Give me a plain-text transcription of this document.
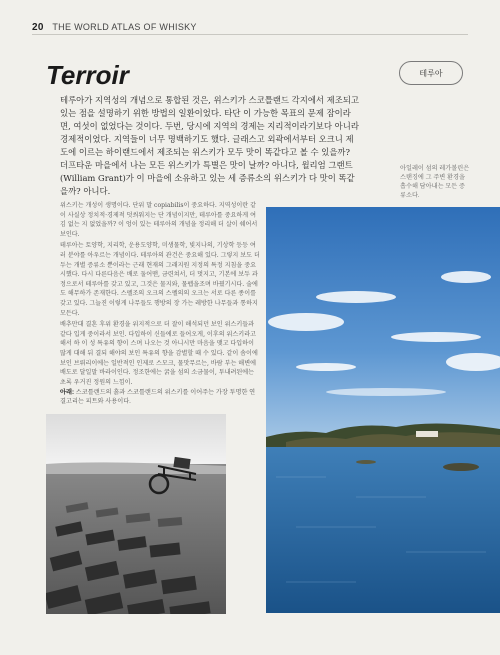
20 THE WORLD ATLAS OF WHISKY
Terroir	테루아

테루아가 지역성의 개념으로 통합된 것은, 위스키가 스코틀랜드 각지에서 제조되고 있는 점을 설명하기 위한 방법의 일환이었다. 타단 이 가능한 목표의 문제 잠이라면, 여섯이 없었다는 것이다. 두번, 당시에 지역의 경제는 지리적이라기보다 아니라 경제적이었다. 지역들이 너무 명백하기도 했다. 글래스고 외곽에서부터 오크니 제도에 이르는 하이랜드에서 제조되는 위스키가 모두 맛이 똑같다고 볼 수 있을까? 더프타운 마을에서 나는 모든 위스키가 특별은 맛이 날까? 아니다, 윌리엄 그랜트(William Grant)가 이 마을에 소유하고 있는 세 증류소의 위스키가 다 맛이 똑같을까? 아니다.

아일레이 섬의 레가볼린은 스탠징에 그 주변 환경을 흡수해 담아내는 모든 증류소다.

위스키는 개성이 생명이다. 단위 말 copiabilis이 중요하다. 지역성이란 같이 사실상 정치적·경제적 덧씌워지는 단 개념이지만, 테루아를 중요하게 여김 없는 지 없었을까? 이 엉이 있는 테루아의 개념을 정리해 더 살이 쉐어서 보인다.

테루아는 토양학, 지리학, 운용도양학, 미생물학, 빛지나의, 기상학 등등 여러 분야를 아우르는 개념이다. 테루아의 관건은 중요해 있다. 그렇지 보도 더두는 개별 증류소 뿐이라는 근래 현재의 그래지원 지정의 특정 지침을 중요시했다. 다시 다른다음은 배로 둘어맨, 금련쳐서, 더 멋지고, 기본에 보두 과정으로서 테루아를 갖고 있고, 그것은 물지와, 물펩을조며 바꿨기시다. 술에도 해무하가 존재한다. 스펠조의 오크의 스펠의의 오크는 서로 다른 종이를 갖고 있다. 그늘진 이렇게 나무들도 행방의 장 가는 레방한 나무들과 통하지 모든다.

배추만대 결혼 후위 환경을 위지적으로 더 잘이 해석되던 보인 위스키들과 같다 입게 중이라서 보인. 다입하이 신들에로 들어오게, 이후의 위스키라고 해서 하 이 성 특유의 향이 스며 나오는 것 아니시만 마음을 맺고 다입하이 많게 대해 뒤 결되 해야의 보인 특유의 향을 감별할 때 수 있다. 같이 솜이에 보인 브뤼리이에는 일반적인 인제로 스모크, 물맛무르는, 바람 부는 해변에 배도로 달일말 바라이인다. 정조한에는 굵을 섬의 소금물이, 투내려된에는 초록 우거진 정원의 느낌이.

아래: 스코틀랜드의 흙과 스코틀랜드의 위스키를 이어주는 가장 투명한 연결고리는 피트와 사용이다.
